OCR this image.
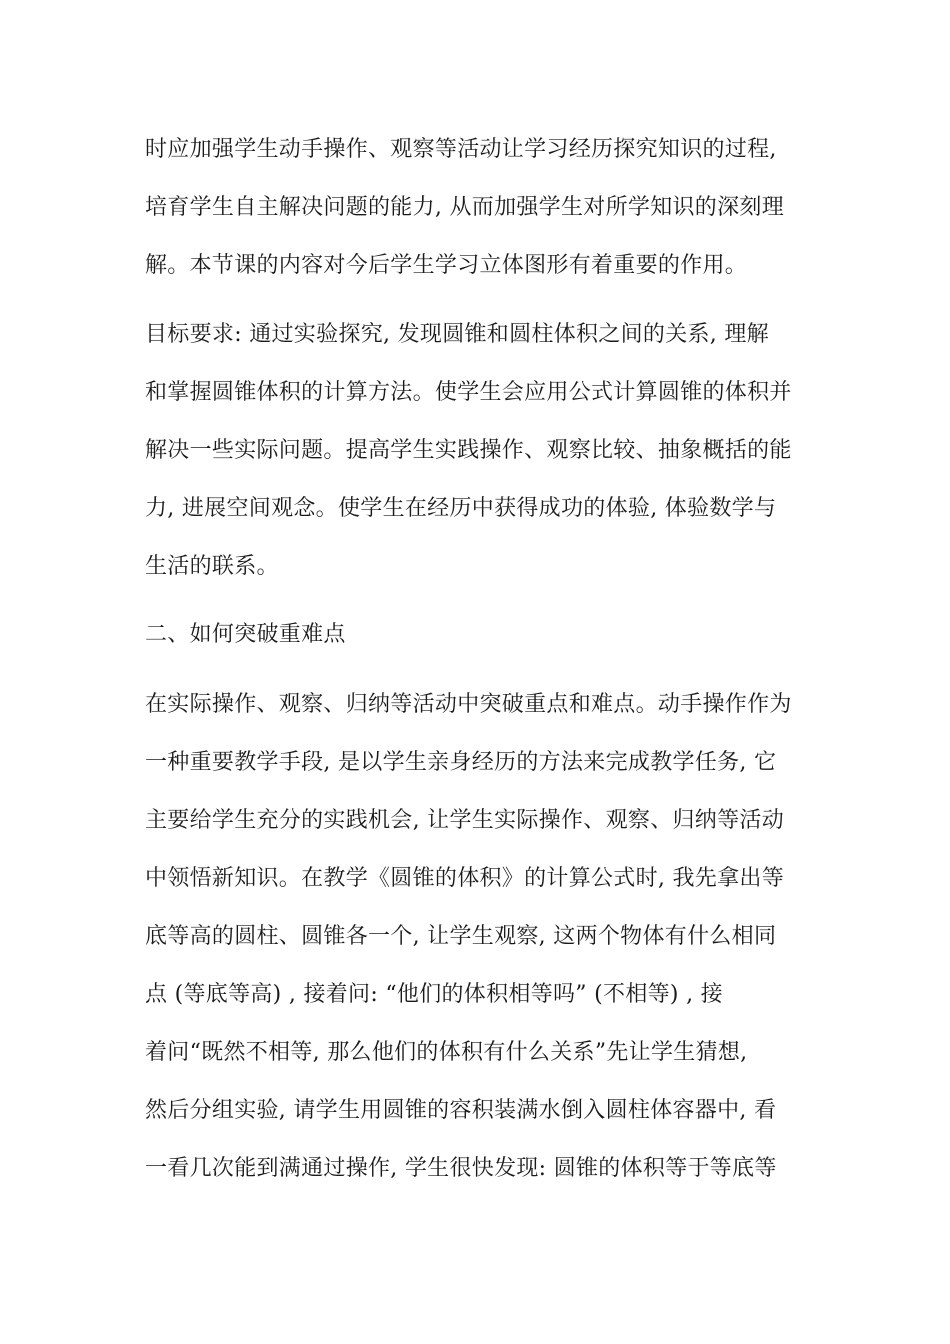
时应加强学生动手操作、观察等活动让学习经历探究知识的过程,
培育学生自主解决问题的能力, 从而加强学生对所学知识的深刻理
解。本节课的内容对今后学生学习立体图形有着重要的作用。
目标要求: 通过实验探究, 发现圆锥和圆柱体积之间的关系, 理解
和掌握圆锥体积的计算方法。使学生会应用公式计算圆锥的体积并
解决一些实际问题。提高学生实践操作、观察比较、抽象概括的能
力, 进展空间观念。使学生在经历中获得成功的体验, 体验数学与
生活的联系。
二、如何突破重难点
在实际操作、观察、归纳等活动中突破重点和难点。动手操作作为
一种重要教学手段, 是以学生亲身经历的方法来完成教学任务, 它
主要给学生充分的实践机会, 让学生实际操作、观察、归纳等活动
中领悟新知识。在教学《圆锥的体积》的计算公式时, 我先拿出等
底等高的圆柱、圆锥各一个, 让学生观察, 这两个物体有什么相同
点 (等底等高) , 接着问: “他们的体积相等吗” (不相等) , 接
着问“既然不相等, 那么他们的体积有什么关系”先让学生猜想,
然后分组实验, 请学生用圆锥的容积装满水倒入圆柱体容器中, 看
一看几次能到满通过操作, 学生很快发现: 圆锥的体积等于等底等
